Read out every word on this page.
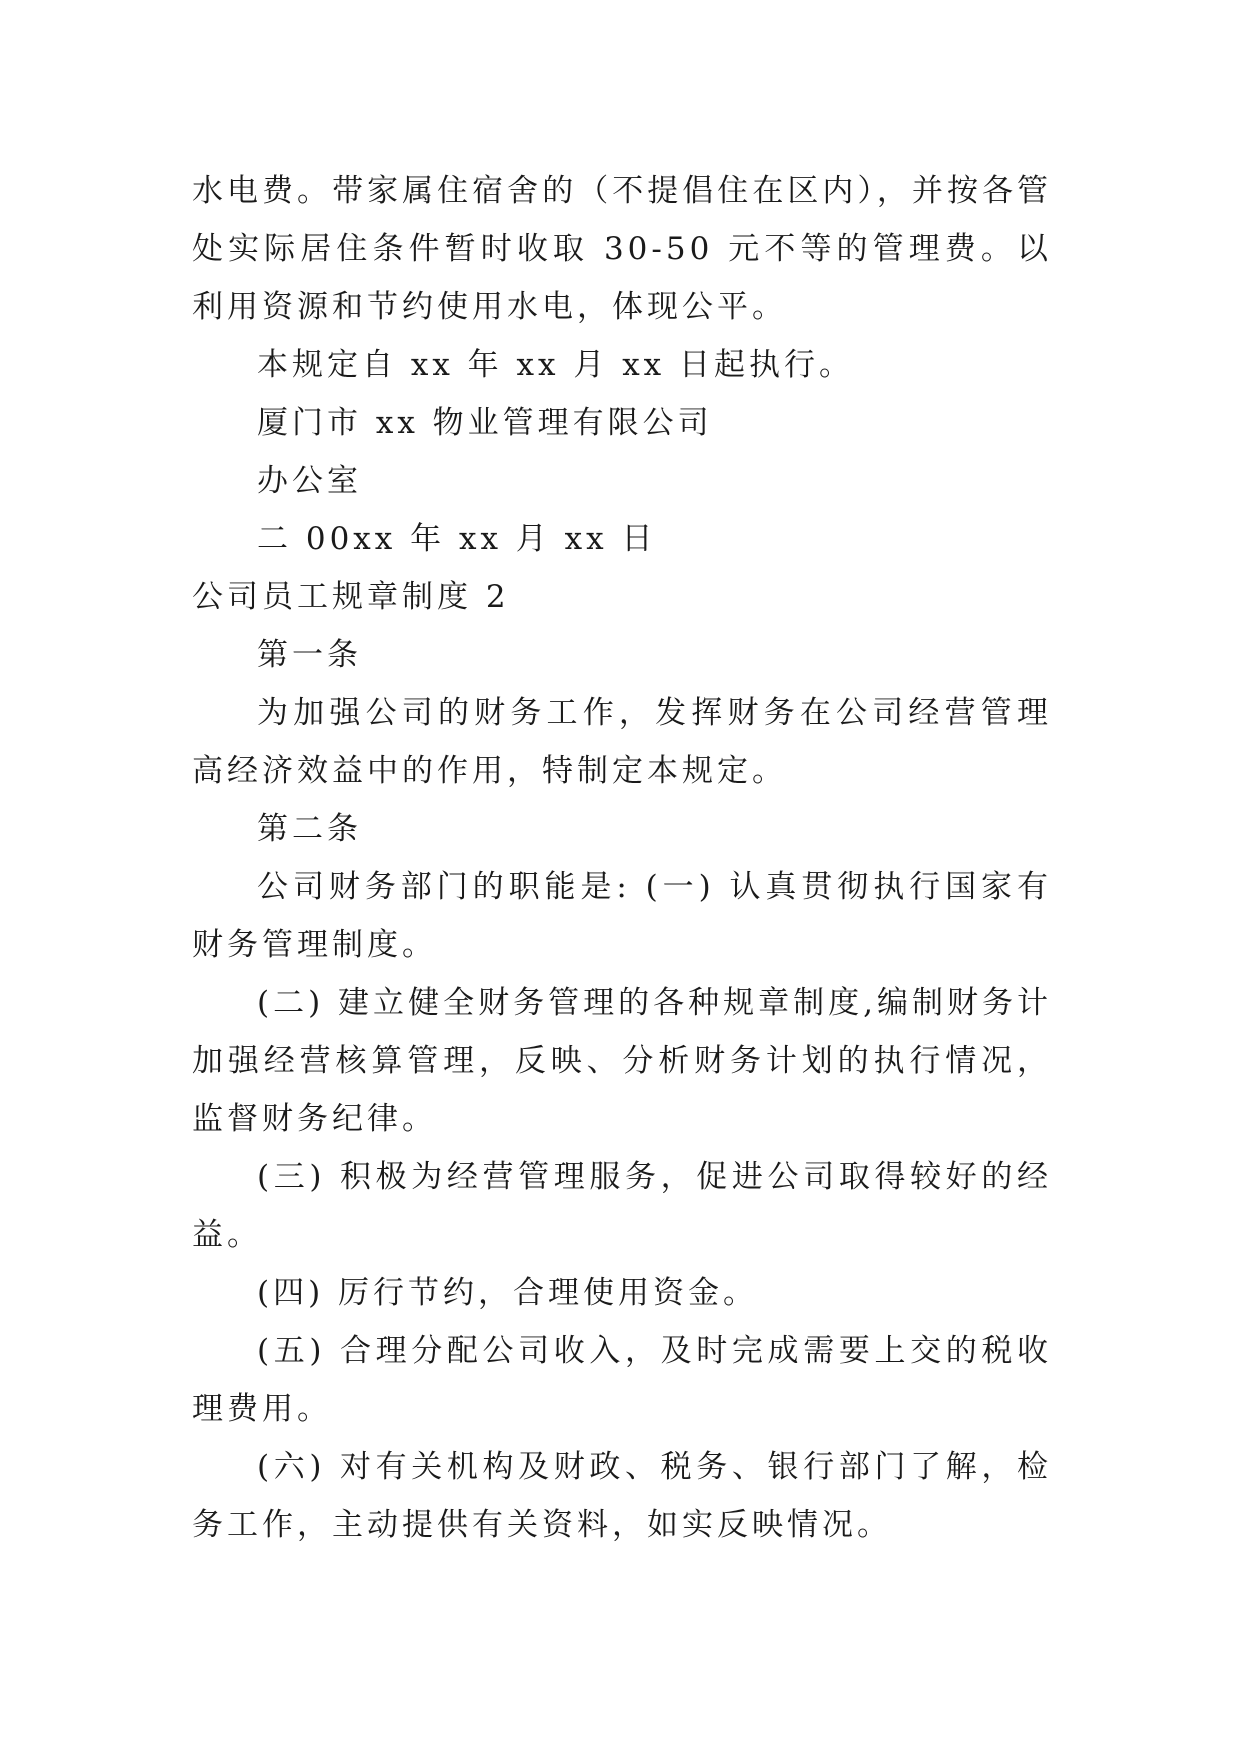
水电费。带家属住宿舍的（不提倡住在区内），并按各管
处实际居住条件暂时收取 30-50 元不等的管理费。以
利用资源和节约使用水电，体现公平。
本规定自 xx 年 xx 月 xx 日起执行。
厦门市 xx 物业管理有限公司
办公室
二 00xx 年 xx 月 xx 日
公司员工规章制度 2
第一条
为加强公司的财务工作，发挥财务在公司经营管理
高经济效益中的作用，特制定本规定。
第二条
公司财务部门的职能是: (一) 认真贯彻执行国家有
财务管理制度。
(二) 建立健全财务管理的各种规章制度,编制财务计
加强经营核算管理，反映、分析财务计划的执行情况，
监督财务纪律。
(三) 积极为经营管理服务，促进公司取得较好的经
益。
(四) 厉行节约，合理使用资金。
(五) 合理分配公司收入，及时完成需要上交的税收
理费用。
(六) 对有关机构及财政、税务、银行部门了解，检
务工作，主动提供有关资料，如实反映情况。
